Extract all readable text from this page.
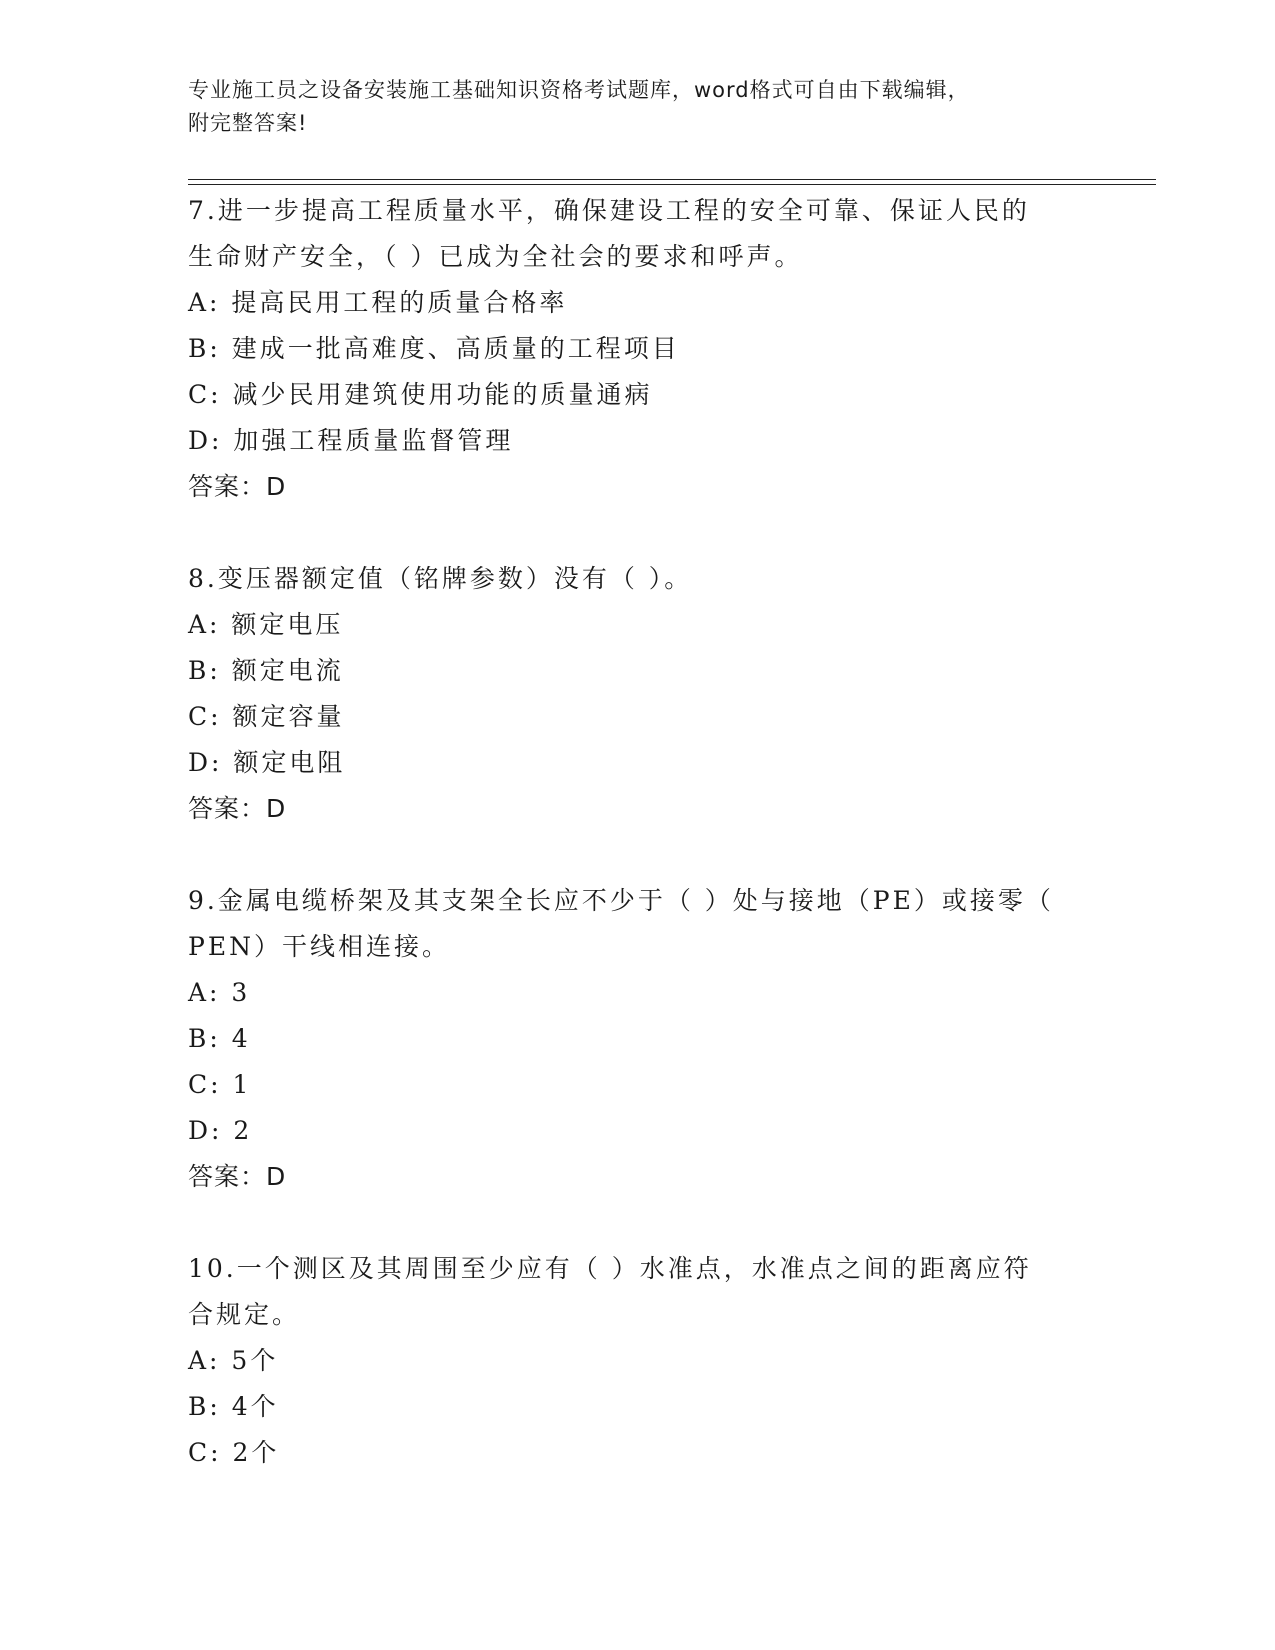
专业施工员之设备安装施工基础知识资格考试题库，word格式可自由下载编辑，
附完整答案!

7.进一步提高工程质量水平，确保建设工程的安全可靠、保证人民的

生命财产安全，（ ）已成为全社会的要求和呼声。

A: 提高民用工程的质量合格率

B: 建成一批高难度、高质量的工程项目

C: 减少民用建筑使用功能的质量通病

D: 加强工程质量监督管理

答案：D

8.变压器额定值（铭牌参数）没有（ ）。

A: 额定电压

B: 额定电流

C: 额定容量

D: 额定电阻

答案：D

9.金属电缆桥架及其支架全长应不少于（ ）处与接地（PE）或接零（

PEN）干线相连接。

A: 3

B: 4

C: 1

D: 2

答案：D

10.一个测区及其周围至少应有（ ）水准点，水准点之间的距离应符

合规定。

A: 5个

B: 4个

C: 2个
